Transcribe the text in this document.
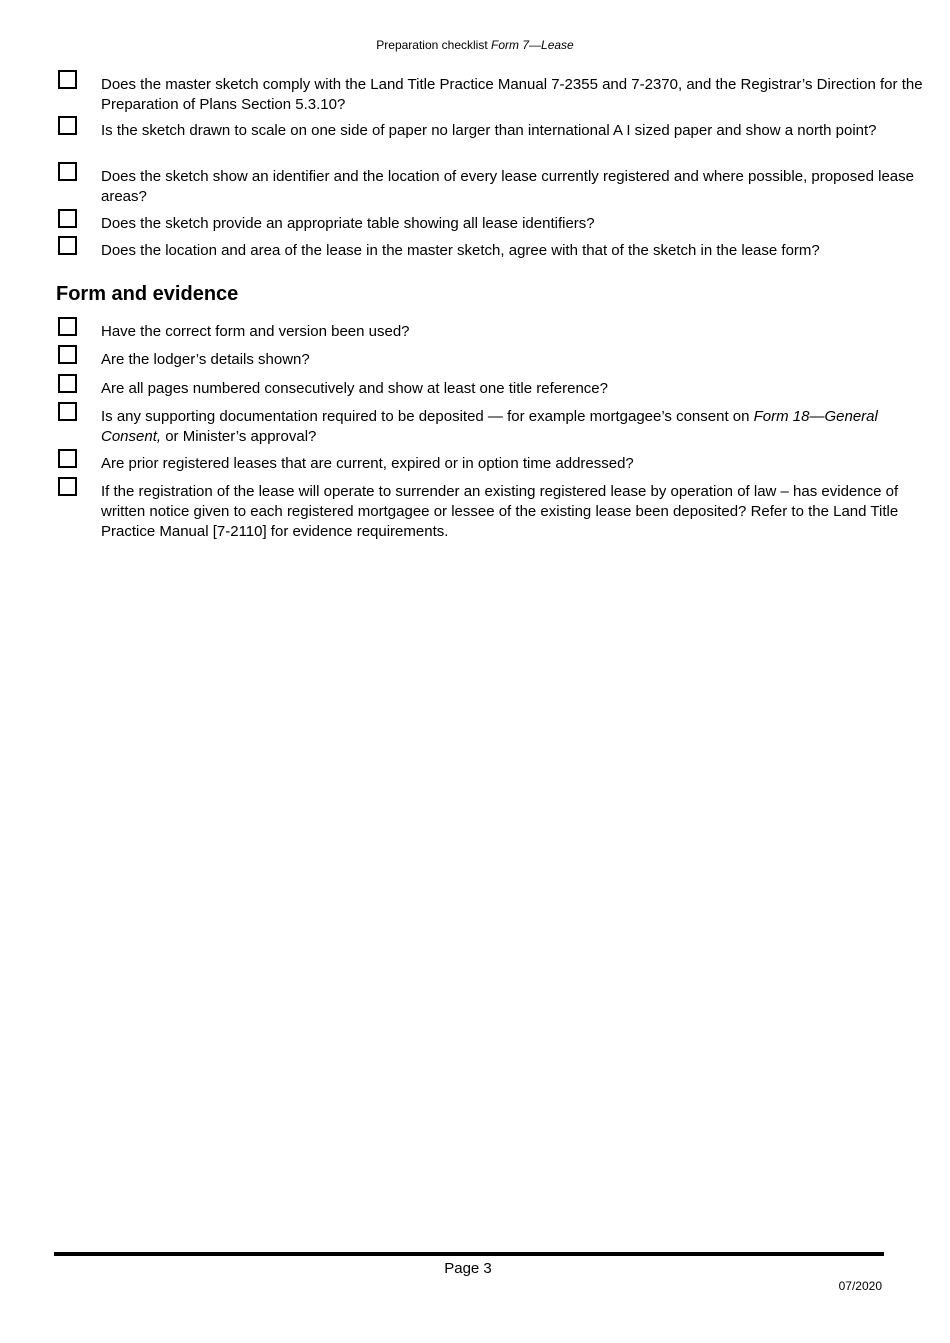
Preparation checklist Form 7—Lease
Does the master sketch comply with the Land Title Practice Manual 7-2355 and 7-2370, and the Registrar’s Direction for the Preparation of Plans Section 5.3.10?
Is the sketch drawn to scale on one side of paper no larger than international A I sized paper and show a north point?
Does the sketch show an identifier and the location of every lease currently registered and where possible, proposed lease areas?
Does the sketch provide an appropriate table showing all lease identifiers?
Does the location and area of the lease in the master sketch, agree with that of the sketch in the lease form?
Form and evidence
Have the correct form and version been used?
Are the lodger’s details shown?
Are all pages numbered consecutively and show at least one title reference?
Is any supporting documentation required to be deposited — for example mortgagee’s consent on Form 18—General Consent, or Minister’s approval?
Are prior registered leases that are current, expired or in option time addressed?
If the registration of the lease will operate to surrender an existing registered lease by operation of law – has evidence of written notice given to each registered mortgagee or lessee of the existing lease been deposited? Refer to the Land Title Practice Manual [7-2110] for evidence requirements.
Page 3
07/2020
